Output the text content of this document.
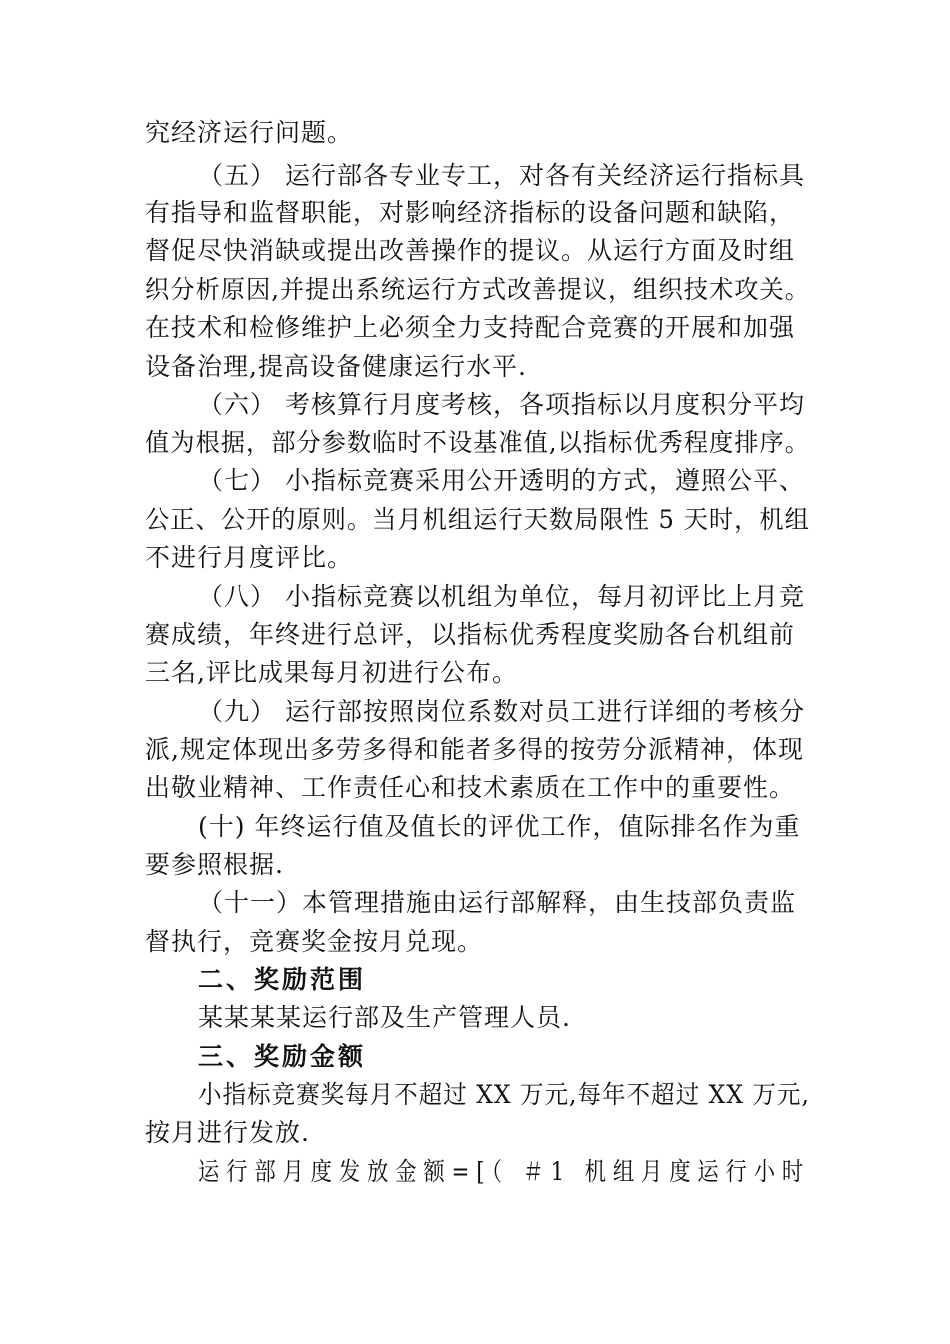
究经济运行问题。
（五） 运行部各专业专工，对各有关经济运行指标具
有指导和监督职能，对影响经济指标的设备问题和缺陷，
督促尽快消缺或提出改善操作的提议。从运行方面及时组
织分析原因,并提出系统运行方式改善提议，组织技术攻关。
在技术和检修维护上必须全力支持配合竞赛的开展和加强
设备治理,提高设备健康运行水平.
（六） 考核算行月度考核，各项指标以月度积分平均
值为根据，部分参数临时不设基准值,以指标优秀程度排序。
（七） 小指标竞赛采用公开透明的方式，遵照公平、
公正、公开的原则。当月机组运行天数局限性 5 天时，机组
不进行月度评比。
（八） 小指标竞赛以机组为单位，每月初评比上月竞
赛成绩，年终进行总评，以指标优秀程度奖励各台机组前
三名,评比成果每月初进行公布。
（九） 运行部按照岗位系数对员工进行详细的考核分
派,规定体现出多劳多得和能者多得的按劳分派精神，体现
出敬业精神、工作责任心和技术素质在工作中的重要性。
(十) 年终运行值及值长的评优工作，值际排名作为重
要参照根据.
（十一）本管理措施由运行部解释，由生技部负责监
督执行，竞赛奖金按月兑现。
二、奖励范围
某某某某运行部及生产管理人员.
三、奖励金额
小指标竞赛奖每月不超过 XX 万元,每年不超过 XX 万元,
按月进行发放.
运行部月度发放金额=[（ ＃1 机组月度运行小时
